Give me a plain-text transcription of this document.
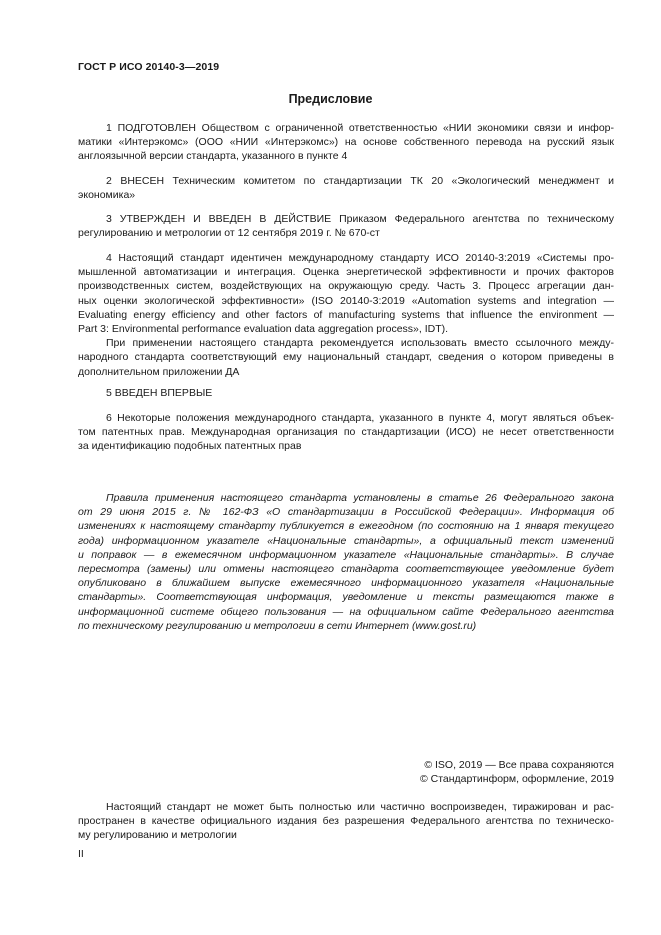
ГОСТ Р ИСО 20140-3—2019
Предисловие
1 ПОДГОТОВЛЕН Обществом с ограниченной ответственностью «НИИ экономики связи и инфор-
матики «Интерэкомс» (ООО «НИИ «Интерэкомс») на основе собственного перевода на русский язык
англоязычной версии стандарта, указанного в пункте 4
2 ВНЕСЕН Техническим комитетом по стандартизации ТК 20 «Экологический менеджмент и
экономика»
3 УТВЕРЖДЕН И ВВЕДЕН В ДЕЙСТВИЕ Приказом Федерального агентства по техническому
регулированию и метрологии от 12 сентября 2019 г. № 670-ст
4 Настоящий стандарт идентичен международному стандарту ИСО 20140-3:2019 «Системы про-
мышленной автоматизации и интеграция. Оценка энергетической эффективности и прочих факторов
производственных систем, воздействующих на окружающую среду. Часть 3. Процесс агрегации дан-
ных оценки экологической эффективности» (ISO 20140-3:2019 «Automation systems and integration —
Evaluating energy efficiency and other factors of manufacturing systems that influence the environment —
Part 3: Environmental performance evaluation data aggregation process», IDT).
При применении настоящего стандарта рекомендуется использовать вместо ссылочного между-
народного стандарта соответствующий ему национальный стандарт, сведения о котором приведены в
дополнительном приложении ДА
5 ВВЕДЕН ВПЕРВЫЕ
6 Некоторые положения международного стандарта, указанного в пункте 4, могут являться объек-
том патентных прав. Международная организация по стандартизации (ИСО) не несет ответственности
за идентификацию подобных патентных прав
Правила применения настоящего стандарта установлены в статье 26 Федерального закона
от 29 июня 2015 г. № 162-ФЗ «О стандартизации в Российской Федерации». Информация об
изменениях к настоящему стандарту публикуется в ежегодном (по состоянию на 1 января текущего
года) информационном указателе «Национальные стандарты», а официальный текст изменений
и поправок — в ежемесячном информационном указателе «Национальные стандарты». В случае
пересмотра (замены) или отмены настоящего стандарта соответствующее уведомление будет
опубликовано в ближайшем выпуске ежемесячного информационного указателя «Национальные
стандарты». Соответствующая информация, уведомление и тексты размещаются также в
информационной системе общего пользования — на официальном сайте Федерального агентства
по техническому регулированию и метрологии в сети Интернет (www.gost.ru)
© ISO, 2019 — Все права сохраняются
© Стандартинформ, оформление, 2019
Настоящий стандарт не может быть полностью или частично воспроизведен, тиражирован и рас-
пространен в качестве официального издания без разрешения Федерального агентства по техническо-
му регулированию и метрологии
II
